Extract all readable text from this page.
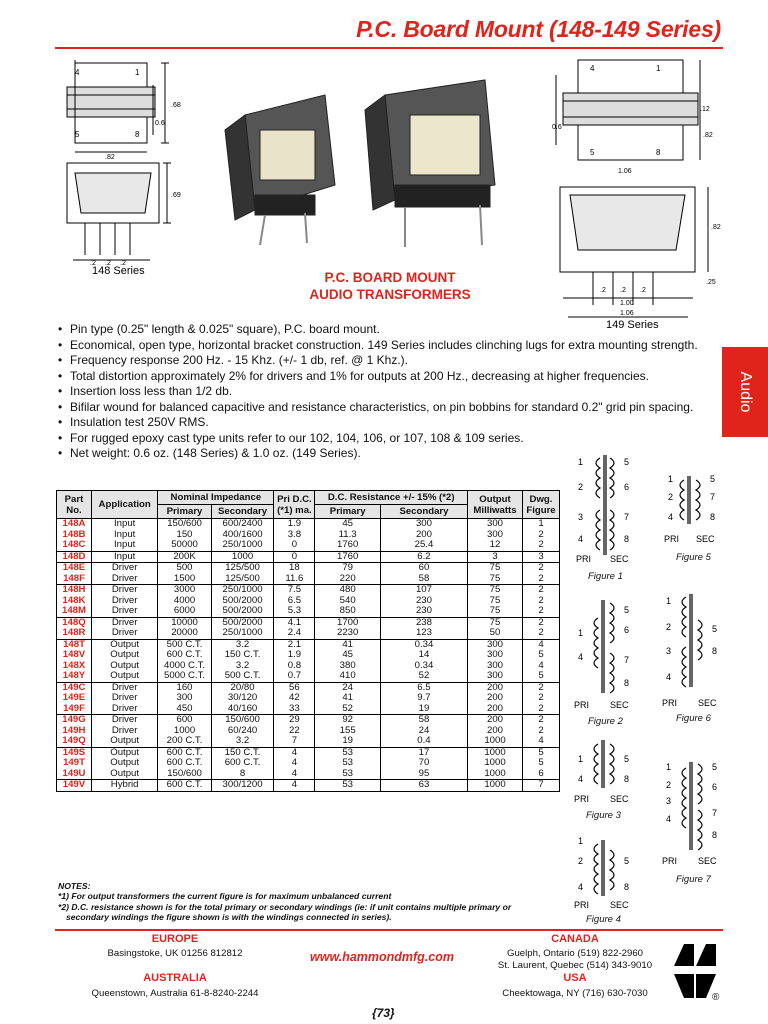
P.C. Board Mount (148-149 Series)
4	1
5	8
.68
0.6
.82
.69
.2 .2 .2
148 Series
4	1
5	8
.12
.82
0.6
1.06
.82
.25
.2 .2 .2
1.00
1.06
149 Series
P.C. BOARD MOUNT
AUDIO TRANSFORMERS
Audio
• Pin type (0.25" length & 0.025" square), P.C. board mount.
• Economical, open type, horizontal bracket construction. 149 Series includes clinching lugs for extra mounting strength.
• Frequency response 200 Hz. - 15 Khz. (+/- 1 db, ref. @ 1 Khz.).
• Total distortion approximately 2% for drivers and 1% for outputs at 200 Hz., decreasing at higher frequencies.
• Insertion loss less than 1/2 db.
• Bifilar wound for balanced capacitive and resistance characteristics, on pin bobbins for standard 0.2" grid pin spacing.
• Insulation test 250V RMS.
• For rugged epoxy cast type units refer to our 102, 104, 106, or 107, 108 & 109 series.
• Net weight: 0.6 oz. (148 Series) & 1.0 oz. (149 Series).
Part No.	Application	Nominal Impedance		Pri D.C. (*1) ma.	D.C. Resistance +/- 15% (*2)		Output Milliwatts	Dwg. Figure
		Primary	Secondary		Primary	Secondary		
148A	Input	150/600	600/2400	1.9	45	300	300	1
148B	Input	150	400/1600	3.8	11.3	200	300	2
148C	Input	50000	250/1000	0	1760	25.4	12	2
148D	Input	200K	1000	0	1760	6.2	3	3
148E	Driver	500	125/500	18	79	60	75	2
148F	Driver	1500	125/500	11.6	220	58	75	2
148H	Driver	3000	250/1000	7.5	480	107	75	2
148K	Driver	4000	500/2000	6.5	540	230	75	2
148M	Driver	6000	500/2000	5.3	850	230	75	2
148Q	Driver	10000	500/2000	4.1	1700	238	75	2
148R	Driver	20000	250/1000	2.4	2230	123	50	2
148T	Output	500 C.T.	3.2	2.1	41	0.34	300	4
148V	Output	600 C.T.	150 C.T.	1.9	45	14	300	5
148X	Output	4000 C.T.	3.2	0.8	380	0.34	300	4
148Y	Output	5000 C.T.	500 C.T.	0.7	410	52	300	5
149C	Driver	160	20/80	56	24	6.5	200	2
149E	Driver	300	30/120	42	41	9.7	200	2
149F	Driver	450	40/160	33	52	19	200	2
149G	Driver	600	150/600	29	92	58	200	2
149H	Driver	1000	60/240	22	155	24	200	2
149Q	Output	200 C.T.	3.2	7	19	0.4	1000	4
149S	Output	600 C.T.	150 C.T.	4	53	17	1000	5
149T	Output	600 C.T.	600 C.T.	4	53	70	1000	5
149U	Output	150/600	8	4	53	95	1000	6
149V	Hybrid	600 C.T.	300/1200	4	53	63	1000	7
NOTES:
*1) For output transformers the current figure is for maximum unbalanced current
*2) D.C. resistance shown is for the total primary or secondary windings (ie: if unit contains multiple primary or
secondary windings the figure shown is with the windings connected in series).
1
2
3
4
5
6
7
8
PRI SEC
Figure 1
1
2
4
5
7
8
PRI SEC
Figure 5
1
4
5
6
7
8
PRI SEC
Figure 2
1
2
3
4
5
8
PRI SEC
Figure 6
1
4
5
8
PRI SEC
Figure 3
1
2
3
4
5
6
7
8
PRI SEC
Figure 7
1
2
4
5
8
PRI SEC
Figure 4
EUROPE
Basingstoke, UK 01256 812812
AUSTRALIA
Queenstown, Australia 61-8-8240-2244
www.hammondmfg.com
{73}
CANADA
Guelph, Ontario (519) 822-2960
St. Laurent, Quebec (514) 343-9010
USA
Cheektowaga, NY (716) 630-7030	®
